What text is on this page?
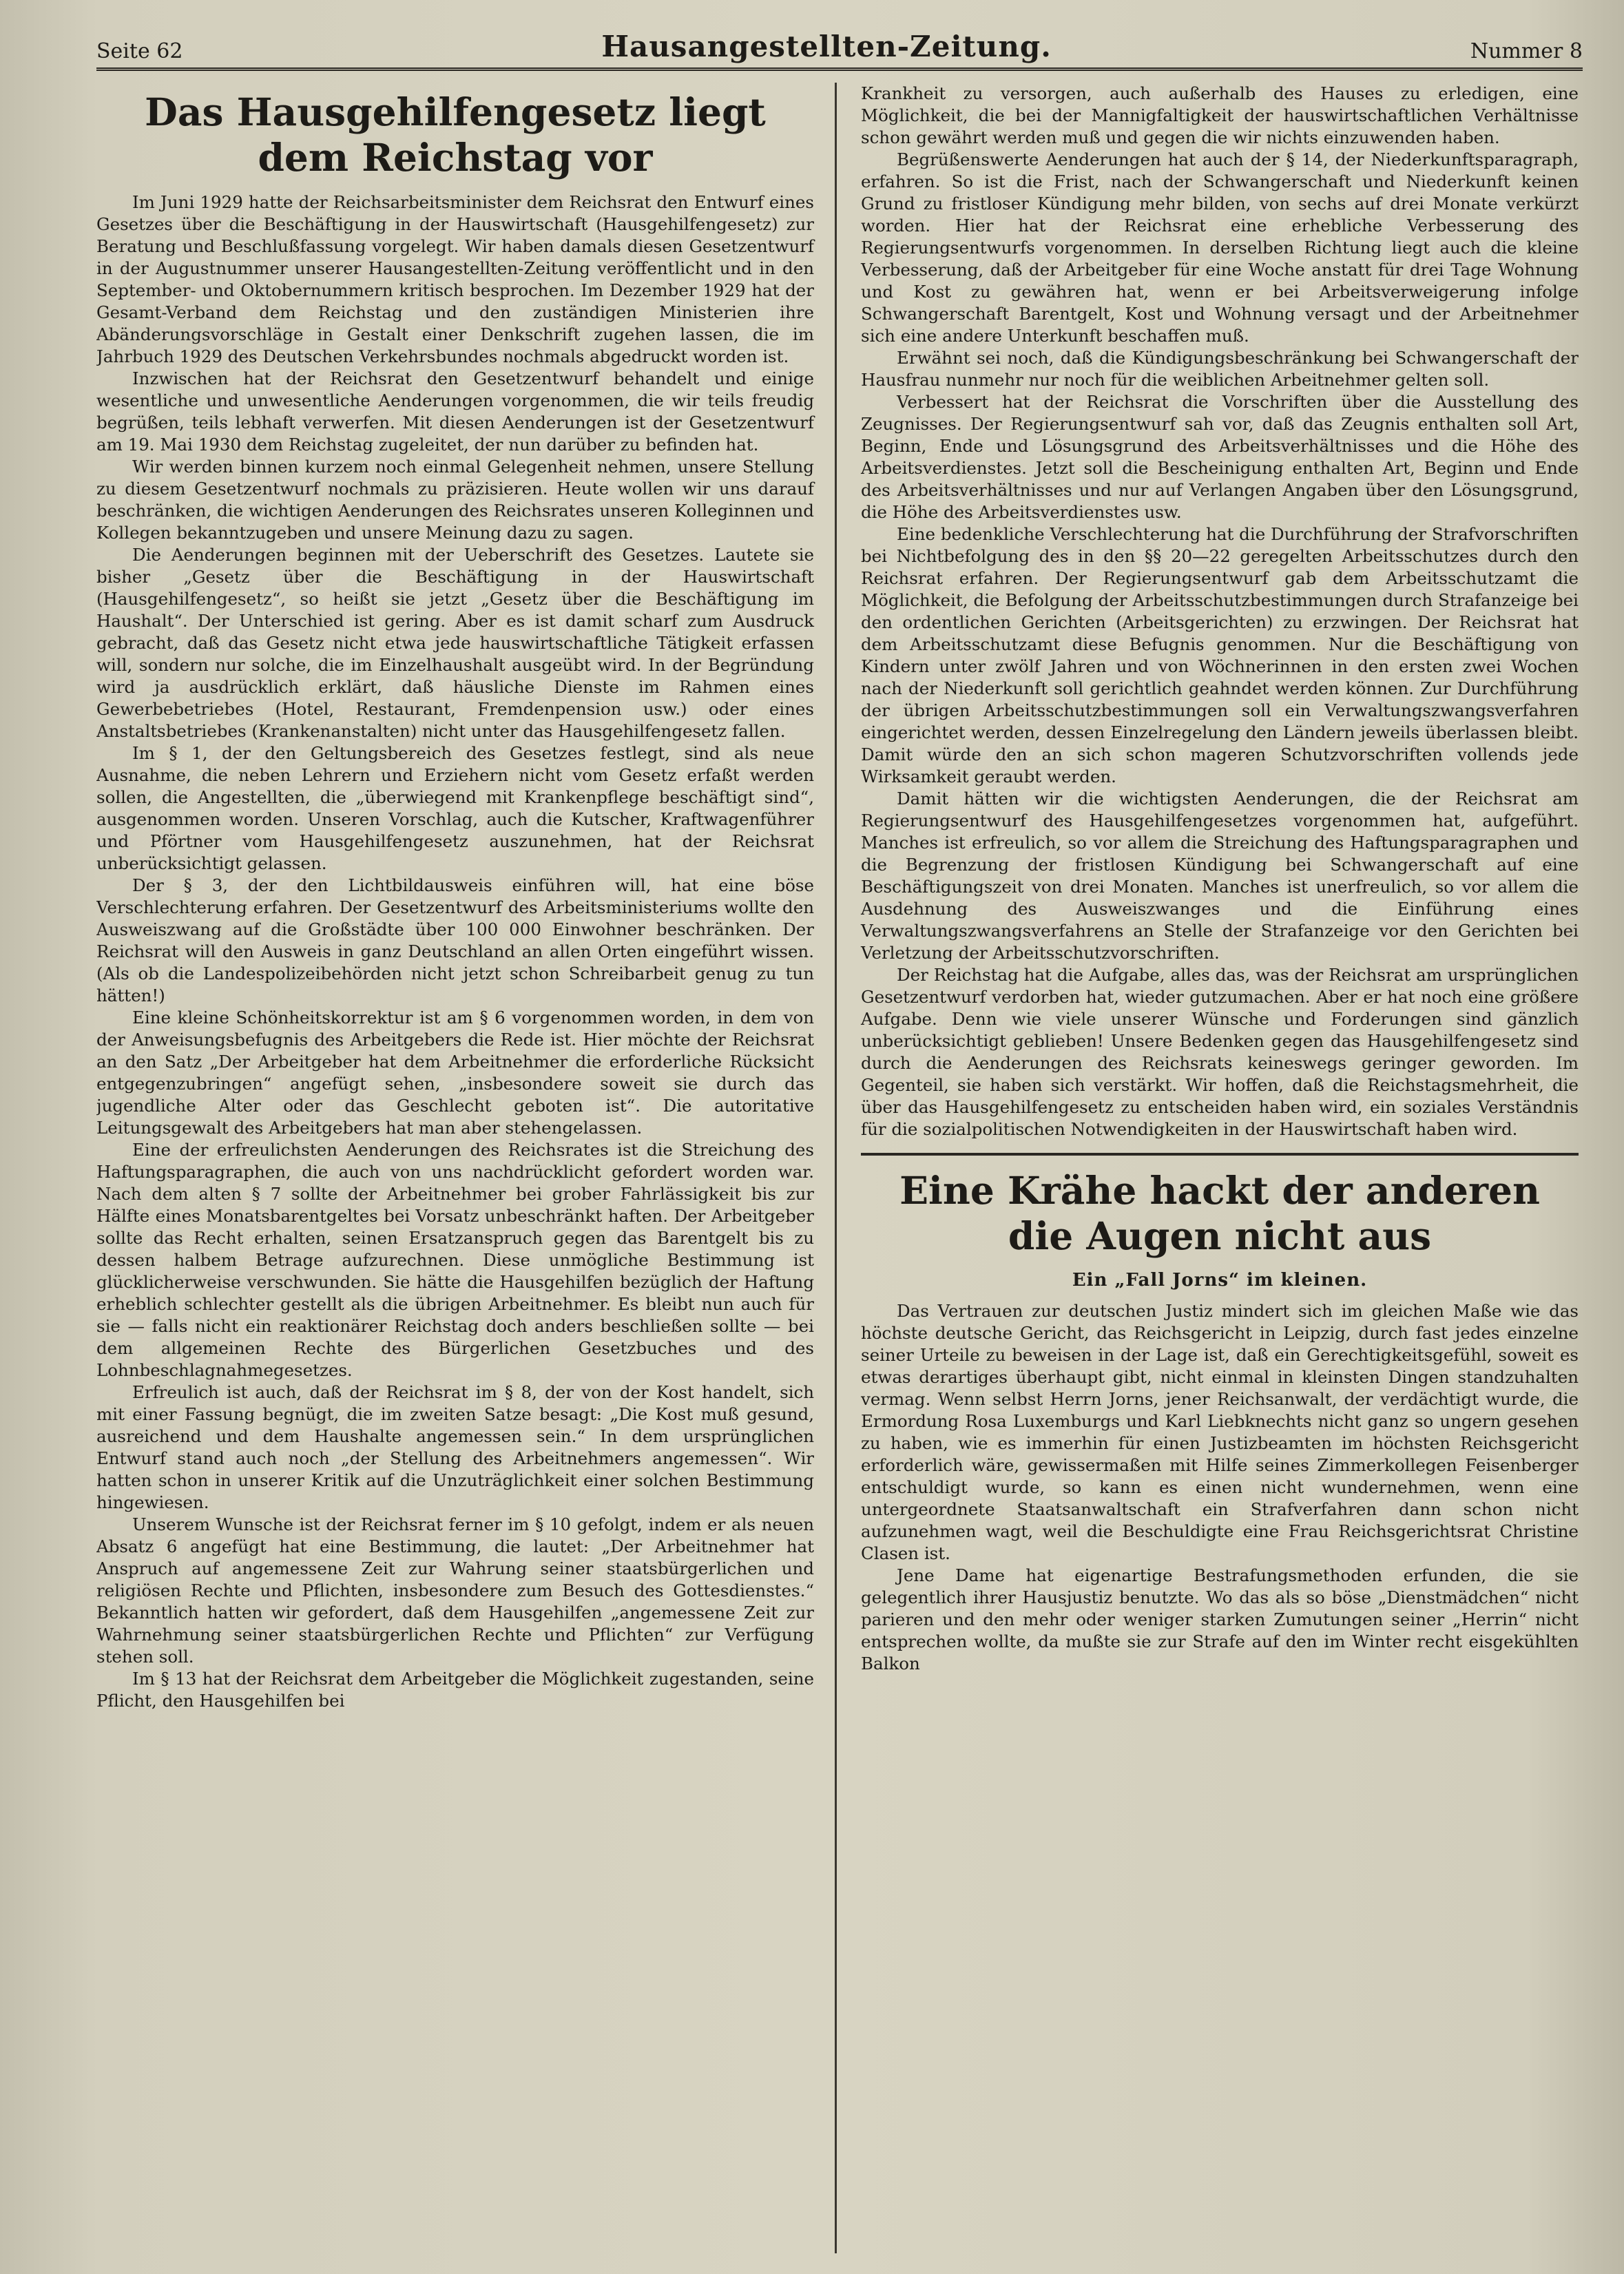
Seite 62	Hausangestellten-Zeitung.	Nummer 8
Das Hausgehilfengesetz liegt dem Reichstag vor

Im Juni 1929 hatte der Reichsarbeitsminister dem Reichsrat den Entwurf eines Gesetzes über die Beschäftigung in der Hauswirtschaft (Hausgehilfengesetz) zur Beratung und Beschlußfassung vorgelegt. Wir haben damals diesen Gesetzentwurf in der Augustnummer unserer Hausangestellten-Zeitung veröffentlicht und in den September- und Oktobernummern kritisch besprochen. Im Dezember 1929 hat der Gesamt-Verband dem Reichstag und den zuständigen Ministerien ihre Abänderungsvorschläge in Gestalt einer Denkschrift zugehen lassen, die im Jahrbuch 1929 des Deutschen Verkehrsbundes nochmals abgedruckt worden ist.

Inzwischen hat der Reichsrat den Gesetzentwurf behandelt und einige wesentliche und unwesentliche Aenderungen vorgenommen, die wir teils freudig begrüßen, teils lebhaft verwerfen. Mit diesen Aenderungen ist der Gesetzentwurf am 19. Mai 1930 dem Reichstag zugeleitet, der nun darüber zu befinden hat.

Wir werden binnen kurzem noch einmal Gelegenheit nehmen, unsere Stellung zu diesem Gesetzentwurf nochmals zu präzisieren. Heute wollen wir uns darauf beschränken, die wichtigen Aenderungen des Reichsrates unseren Kolleginnen und Kollegen bekanntzugeben und unsere Meinung dazu zu sagen.

Die Aenderungen beginnen mit der Ueberschrift des Gesetzes. Lautete sie bisher „Gesetz über die Beschäftigung in der Hauswirtschaft (Hausgehilfengesetz“, so heißt sie jetzt „Gesetz über die Beschäftigung im Haushalt“. Der Unterschied ist gering. Aber es ist damit scharf zum Ausdruck gebracht, daß das Gesetz nicht etwa jede hauswirtschaftliche Tätigkeit erfassen will, sondern nur solche, die im Einzelhaushalt ausgeübt wird. In der Begründung wird ja ausdrücklich erklärt, daß häusliche Dienste im Rahmen eines Gewerbebetriebes (Hotel, Restaurant, Fremdenpension usw.) oder eines Anstaltsbetriebes (Krankenanstalten) nicht unter das Hausgehilfengesetz fallen.

Im § 1, der den Geltungsbereich des Gesetzes festlegt, sind als neue Ausnahme, die neben Lehrern und Erziehern nicht vom Gesetz erfaßt werden sollen, die Angestellten, die „überwiegend mit Krankenpflege beschäftigt sind“, ausgenommen worden. Unseren Vorschlag, auch die Kutscher, Kraftwagenführer und Pförtner vom Hausgehilfengesetz auszunehmen, hat der Reichsrat unberücksichtigt gelassen.

Der § 3, der den Lichtbildausweis einführen will, hat eine böse Verschlechterung erfahren. Der Gesetzentwurf des Arbeitsministeriums wollte den Ausweiszwang auf die Großstädte über 100 000 Einwohner beschränken. Der Reichsrat will den Ausweis in ganz Deutschland an allen Orten eingeführt wissen. (Als ob die Landespolizeibehörden nicht jetzt schon Schreibarbeit genug zu tun hätten!)

Eine kleine Schönheitskorrektur ist am § 6 vorgenommen worden, in dem von der Anweisungsbefugnis des Arbeitgebers die Rede ist. Hier möchte der Reichsrat an den Satz „Der Arbeitgeber hat dem Arbeitnehmer die erforderliche Rücksicht entgegenzubringen“ angefügt sehen, „insbesondere soweit sie durch das jugendliche Alter oder das Geschlecht geboten ist“. Die autoritative Leitungsgewalt des Arbeitgebers hat man aber stehengelassen.

Eine der erfreulichsten Aenderungen des Reichsrates ist die Streichung des Haftungsparagraphen, die auch von uns nachdrücklicht gefordert worden war. Nach dem alten § 7 sollte der Arbeitnehmer bei grober Fahrlässigkeit bis zur Hälfte eines Monatsbarentgeltes bei Vorsatz unbeschränkt haften. Der Arbeitgeber sollte das Recht erhalten, seinen Ersatzanspruch gegen das Barentgelt bis zu dessen halbem Betrage aufzurechnen. Diese unmögliche Bestimmung ist glücklicherweise verschwunden. Sie hätte die Hausgehilfen bezüglich der Haftung erheblich schlechter gestellt als die übrigen Arbeitnehmer. Es bleibt nun auch für sie — falls nicht ein reaktionärer Reichstag doch anders beschließen sollte — bei dem allgemeinen Rechte des Bürgerlichen Gesetzbuches und des Lohnbeschlagnahmegesetzes.

Erfreulich ist auch, daß der Reichsrat im § 8, der von der Kost handelt, sich mit einer Fassung begnügt, die im zweiten Satze besagt: „Die Kost muß gesund, ausreichend und dem Haushalte angemessen sein.“ In dem ursprünglichen Entwurf stand auch noch „der Stellung des Arbeitnehmers angemessen“. Wir hatten schon in unserer Kritik auf die Unzuträglichkeit einer solchen Bestimmung hingewiesen.

Unserem Wunsche ist der Reichsrat ferner im § 10 gefolgt, indem er als neuen Absatz 6 angefügt hat eine Bestimmung, die lautet: „Der Arbeitnehmer hat Anspruch auf angemessene Zeit zur Wahrung seiner staatsbürgerlichen und religiösen Rechte und Pflichten, insbesondere zum Besuch des Gottesdienstes.“ Bekanntlich hatten wir gefordert, daß dem Hausgehilfen „angemessene Zeit zur Wahrnehmung seiner staatsbürgerlichen Rechte und Pflichten“ zur Verfügung stehen soll.

Im § 13 hat der Reichsrat dem Arbeitgeber die Möglichkeit zugestanden, seine Pflicht, den Hausgehilfen bei

Krankheit zu versorgen, auch außerhalb des Hauses zu erledigen, eine Möglichkeit, die bei der Mannigfaltigkeit der hauswirtschaftlichen Verhältnisse schon gewährt werden muß und gegen die wir nichts einzuwenden haben.

Begrüßenswerte Aenderungen hat auch der § 14, der Niederkunftsparagraph, erfahren. So ist die Frist, nach der Schwangerschaft und Niederkunft keinen Grund zu fristloser Kündigung mehr bilden, von sechs auf drei Monate verkürzt worden. Hier hat der Reichsrat eine erhebliche Verbesserung des Regierungsentwurfs vorgenommen. In derselben Richtung liegt auch die kleine Verbesserung, daß der Arbeitgeber für eine Woche anstatt für drei Tage Wohnung und Kost zu gewähren hat, wenn er bei Arbeitsverweigerung infolge Schwangerschaft Barentgelt, Kost und Wohnung versagt und der Arbeitnehmer sich eine andere Unterkunft beschaffen muß.

Erwähnt sei noch, daß die Kündigungsbeschränkung bei Schwangerschaft der Hausfrau nunmehr nur noch für die weiblichen Arbeitnehmer gelten soll.

Verbessert hat der Reichsrat die Vorschriften über die Ausstellung des Zeugnisses. Der Regierungsentwurf sah vor, daß das Zeugnis enthalten soll Art, Beginn, Ende und Lösungsgrund des Arbeitsverhältnisses und die Höhe des Arbeitsverdienstes. Jetzt soll die Bescheinigung enthalten Art, Beginn und Ende des Arbeitsverhältnisses und nur auf Verlangen Angaben über den Lösungsgrund, die Höhe des Arbeitsverdienstes usw.

Eine bedenkliche Verschlechterung hat die Durchführung der Strafvorschriften bei Nichtbefolgung des in den §§ 20—22 geregelten Arbeitsschutzes durch den Reichsrat erfahren. Der Regierungsentwurf gab dem Arbeitsschutzamt die Möglichkeit, die Befolgung der Arbeitsschutzbestimmungen durch Strafanzeige bei den ordentlichen Gerichten (Arbeitsgerichten) zu erzwingen. Der Reichsrat hat dem Arbeitsschutzamt diese Befugnis genommen. Nur die Beschäftigung von Kindern unter zwölf Jahren und von Wöchnerinnen in den ersten zwei Wochen nach der Niederkunft soll gerichtlich geahndet werden können. Zur Durchführung der übrigen Arbeitsschutzbestimmungen soll ein Verwaltungszwangsverfahren eingerichtet werden, dessen Einzelregelung den Ländern jeweils überlassen bleibt. Damit würde den an sich schon mageren Schutzvorschriften vollends jede Wirksamkeit geraubt werden.

Damit hätten wir die wichtigsten Aenderungen, die der Reichsrat am Regierungsentwurf des Hausgehilfengesetzes vorgenommen hat, aufgeführt. Manches ist erfreulich, so vor allem die Streichung des Haftungsparagraphen und die Begrenzung der fristlosen Kündigung bei Schwangerschaft auf eine Beschäftigungszeit von drei Monaten. Manches ist unerfreulich, so vor allem die Ausdehnung des Ausweiszwanges und die Einführung eines Verwaltungszwangsverfahrens an Stelle der Strafanzeige vor den Gerichten bei Verletzung der Arbeitsschutzvorschriften.

Der Reichstag hat die Aufgabe, alles das, was der Reichsrat am ursprünglichen Gesetzentwurf verdorben hat, wieder gutzumachen. Aber er hat noch eine größere Aufgabe. Denn wie viele unserer Wünsche und Forderungen sind gänzlich unberücksichtigt geblieben! Unsere Bedenken gegen das Hausgehilfengesetz sind durch die Aenderungen des Reichsrats keineswegs geringer geworden. Im Gegenteil, sie haben sich verstärkt. Wir hoffen, daß die Reichstagsmehrheit, die über das Hausgehilfengesetz zu entscheiden haben wird, ein soziales Verständnis für die sozialpolitischen Notwendigkeiten in der Hauswirtschaft haben wird.

Eine Krähe hackt der anderen die Augen nicht aus
Ein „Fall Jorns“ im kleinen.

Das Vertrauen zur deutschen Justiz mindert sich im gleichen Maße wie das höchste deutsche Gericht, das Reichsgericht in Leipzig, durch fast jedes einzelne seiner Urteile zu beweisen in der Lage ist, daß ein Gerechtigkeitsgefühl, soweit es etwas derartiges überhaupt gibt, nicht einmal in kleinsten Dingen standzuhalten vermag. Wenn selbst Herrn Jorns, jener Reichsanwalt, der verdächtigt wurde, die Ermordung Rosa Luxemburgs und Karl Liebknechts nicht ganz so ungern gesehen zu haben, wie es immerhin für einen Justizbeamten im höchsten Reichsgericht erforderlich wäre, gewissermaßen mit Hilfe seines Zimmerkollegen Feisenberger entschuldigt wurde, so kann es einen nicht wundernehmen, wenn eine untergeordnete Staatsanwaltschaft ein Strafverfahren dann schon nicht aufzunehmen wagt, weil die Beschuldigte eine Frau Reichsgerichtsrat Christine Clasen ist.

Jene Dame hat eigenartige Bestrafungsmethoden erfunden, die sie gelegentlich ihrer Hausjustiz benutzte. Wo das als so böse „Dienstmädchen“ nicht parieren und den mehr oder weniger starken Zumutungen seiner „Herrin“ nicht entsprechen wollte, da mußte sie zur Strafe auf den im Winter recht eisgekühlten Balkon
